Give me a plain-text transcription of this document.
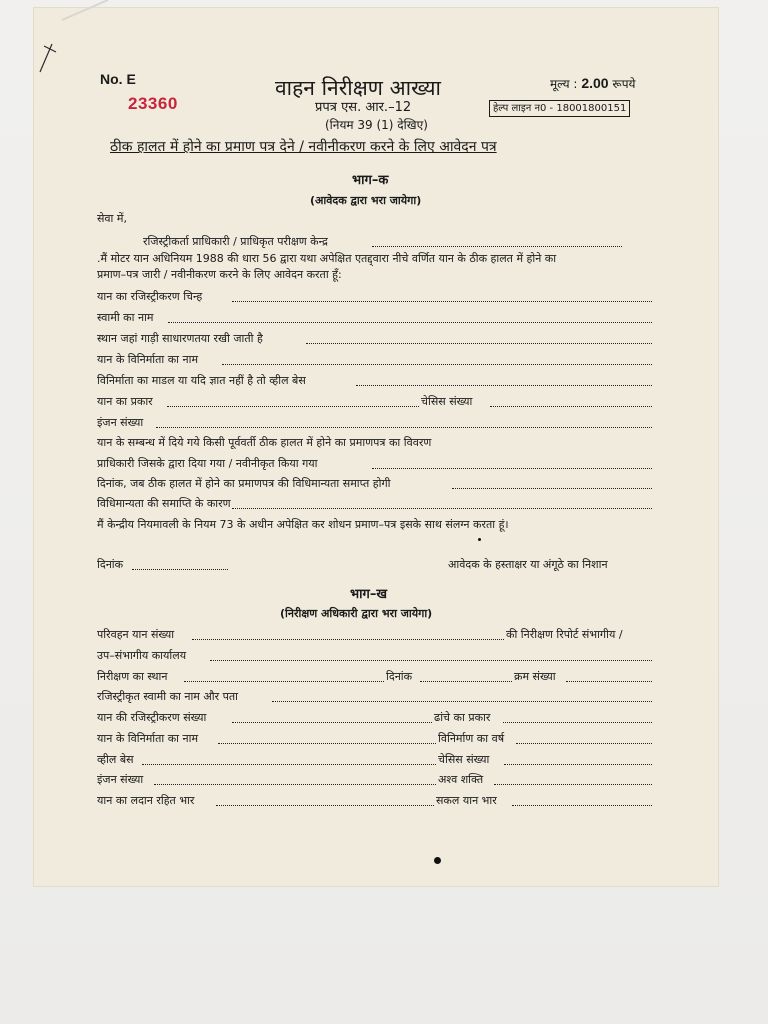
No. E
23360
वाहन निरीक्षण आख्या
प्रपत्र एस. आर.–12
(नियम 39 (1) देखिए)
मूल्य : 2.00 रूपये
हेल्प लाइन न0 - 18001800151
ठीक हालत में होने का प्रमाण पत्र देने / नवीनीकरण करने के लिए आवेदन पत्र
भाग–क
(आवेदक द्वारा भरा जायेगा)
सेवा में,
रजिस्ट्रीकर्ता प्राधिकारी / प्राधिकृत परीक्षण केन्द्र
.मैं मोटर यान अधिनियम 1988 की धारा 56 द्वारा यथा अपेक्षित एतद्द्वारा नीचे वर्णित यान के ठीक हालत में होने का
प्रमाण–पत्र जारी / नवीनीकरण करने के लिए आवेदन करता हूँ:
यान का रजिस्ट्रीकरण चिन्ह
स्वामी का नाम
स्थान जहां गाड़ी साधारणतया रखी जाती है
यान के विनिर्माता का नाम
विनिर्माता का माडल या यदि ज्ञात नहीं है तो व्हील बेस
यान का प्रकार	चेसिस संख्या
इंजन संख्या
यान के सम्बन्ध में दिये गये किसी पूर्ववर्ती ठीक हालत में होने का प्रमाणपत्र का विवरण
प्राधिकारी जिसके द्वारा दिया गया / नवीनीकृत किया गया
दिनांक, जब ठीक हालत में होने का प्रमाणपत्र की विधिमान्यता समाप्त होगी
विधिमान्यता की समाप्ति के कारण
मैं केन्द्रीय नियमावली के नियम 73 के अधीन अपेक्षित कर शोधन प्रमाण–पत्र इसके साथ संलग्न करता हूं।
दिनांक	आवेदक के हस्ताक्षर या अंगूठे का निशान
भाग–ख
(निरीक्षण अधिकारी द्वारा भरा जायेगा)
परिवहन यान संख्या	की निरीक्षण रिपोर्ट संभागीय /
उप–संभागीय कार्यालय
निरीक्षण का स्थान	दिनांक	क्रम संख्या
रजिस्ट्रीकृत स्वामी का नाम और पता
यान की रजिस्ट्रीकरण संख्या	ढांचे का प्रकार
यान के विनिर्माता का नाम	विनिर्माण का वर्ष
व्हील बेस	चेसिस संख्या
इंजन संख्या	अश्व शक्ति
यान का लदान रहित भार	सकल यान भार
